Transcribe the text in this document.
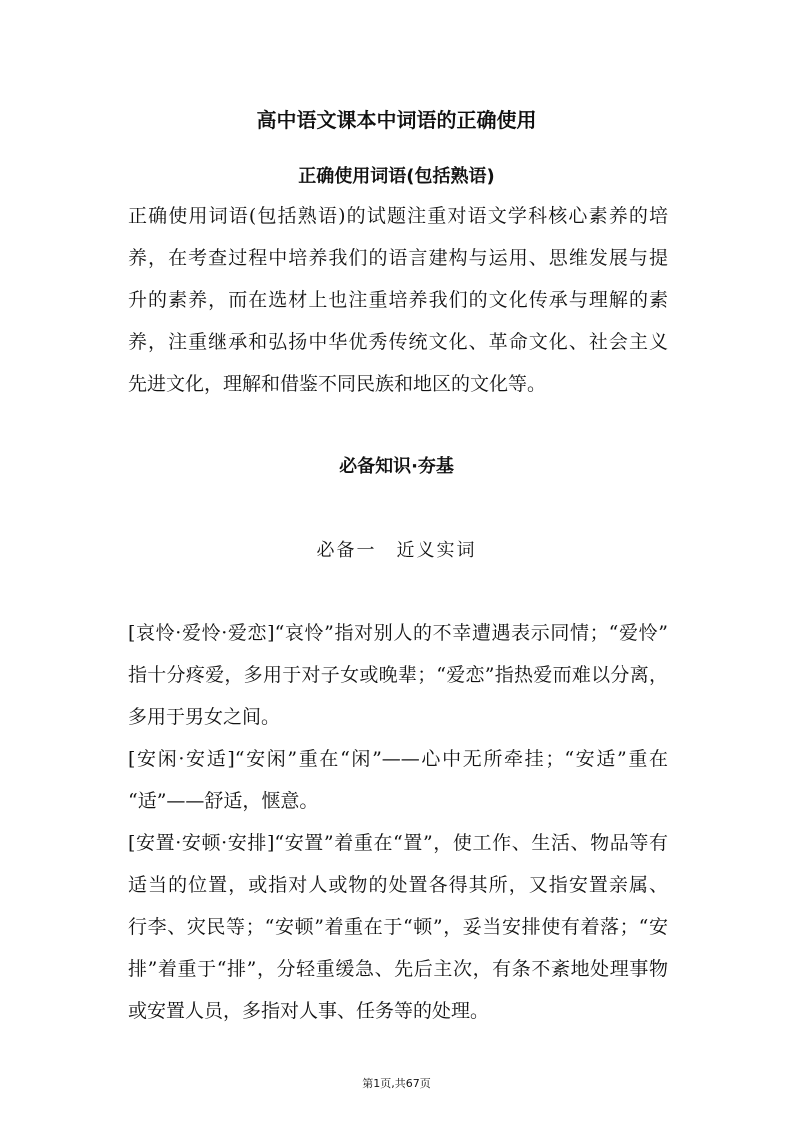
高中语文课本中词语的正确使用
正确使用词语(包括熟语)
正确使用词语(包括熟语)的试题注重对语文学科核心素养的培
养，在考查过程中培养我们的语言建构与运用、思维发展与提
升的素养，而在选材上也注重培养我们的文化传承与理解的素
养，注重继承和弘扬中华优秀传统文化、革命文化、社会主义
先进文化，理解和借鉴不同民族和地区的文化等。
必备知识·夯基
必备一　近义实词
[哀怜·爱怜·爱恋]“哀怜”指对别人的不幸遭遇表示同情；“爱怜”
指十分疼爱，多用于对子女或晚辈；“爱恋”指热爱而难以分离，
多用于男女之间。
[安闲·安适]“安闲”重在“闲”——心中无所牵挂；“安适”重在
“适”——舒适，惬意。
[安置·安顿·安排]“安置”着重在“置”，使工作、生活、物品等有
适当的位置，或指对人或物的处置各得其所，又指安置亲属、
行李、灾民等；“安顿”着重在于“顿”，妥当安排使有着落；“安
排”着重于“排”，分轻重缓急、先后主次，有条不紊地处理事物
或安置人员，多指对人事、任务等的处理。
第1页,共67页
